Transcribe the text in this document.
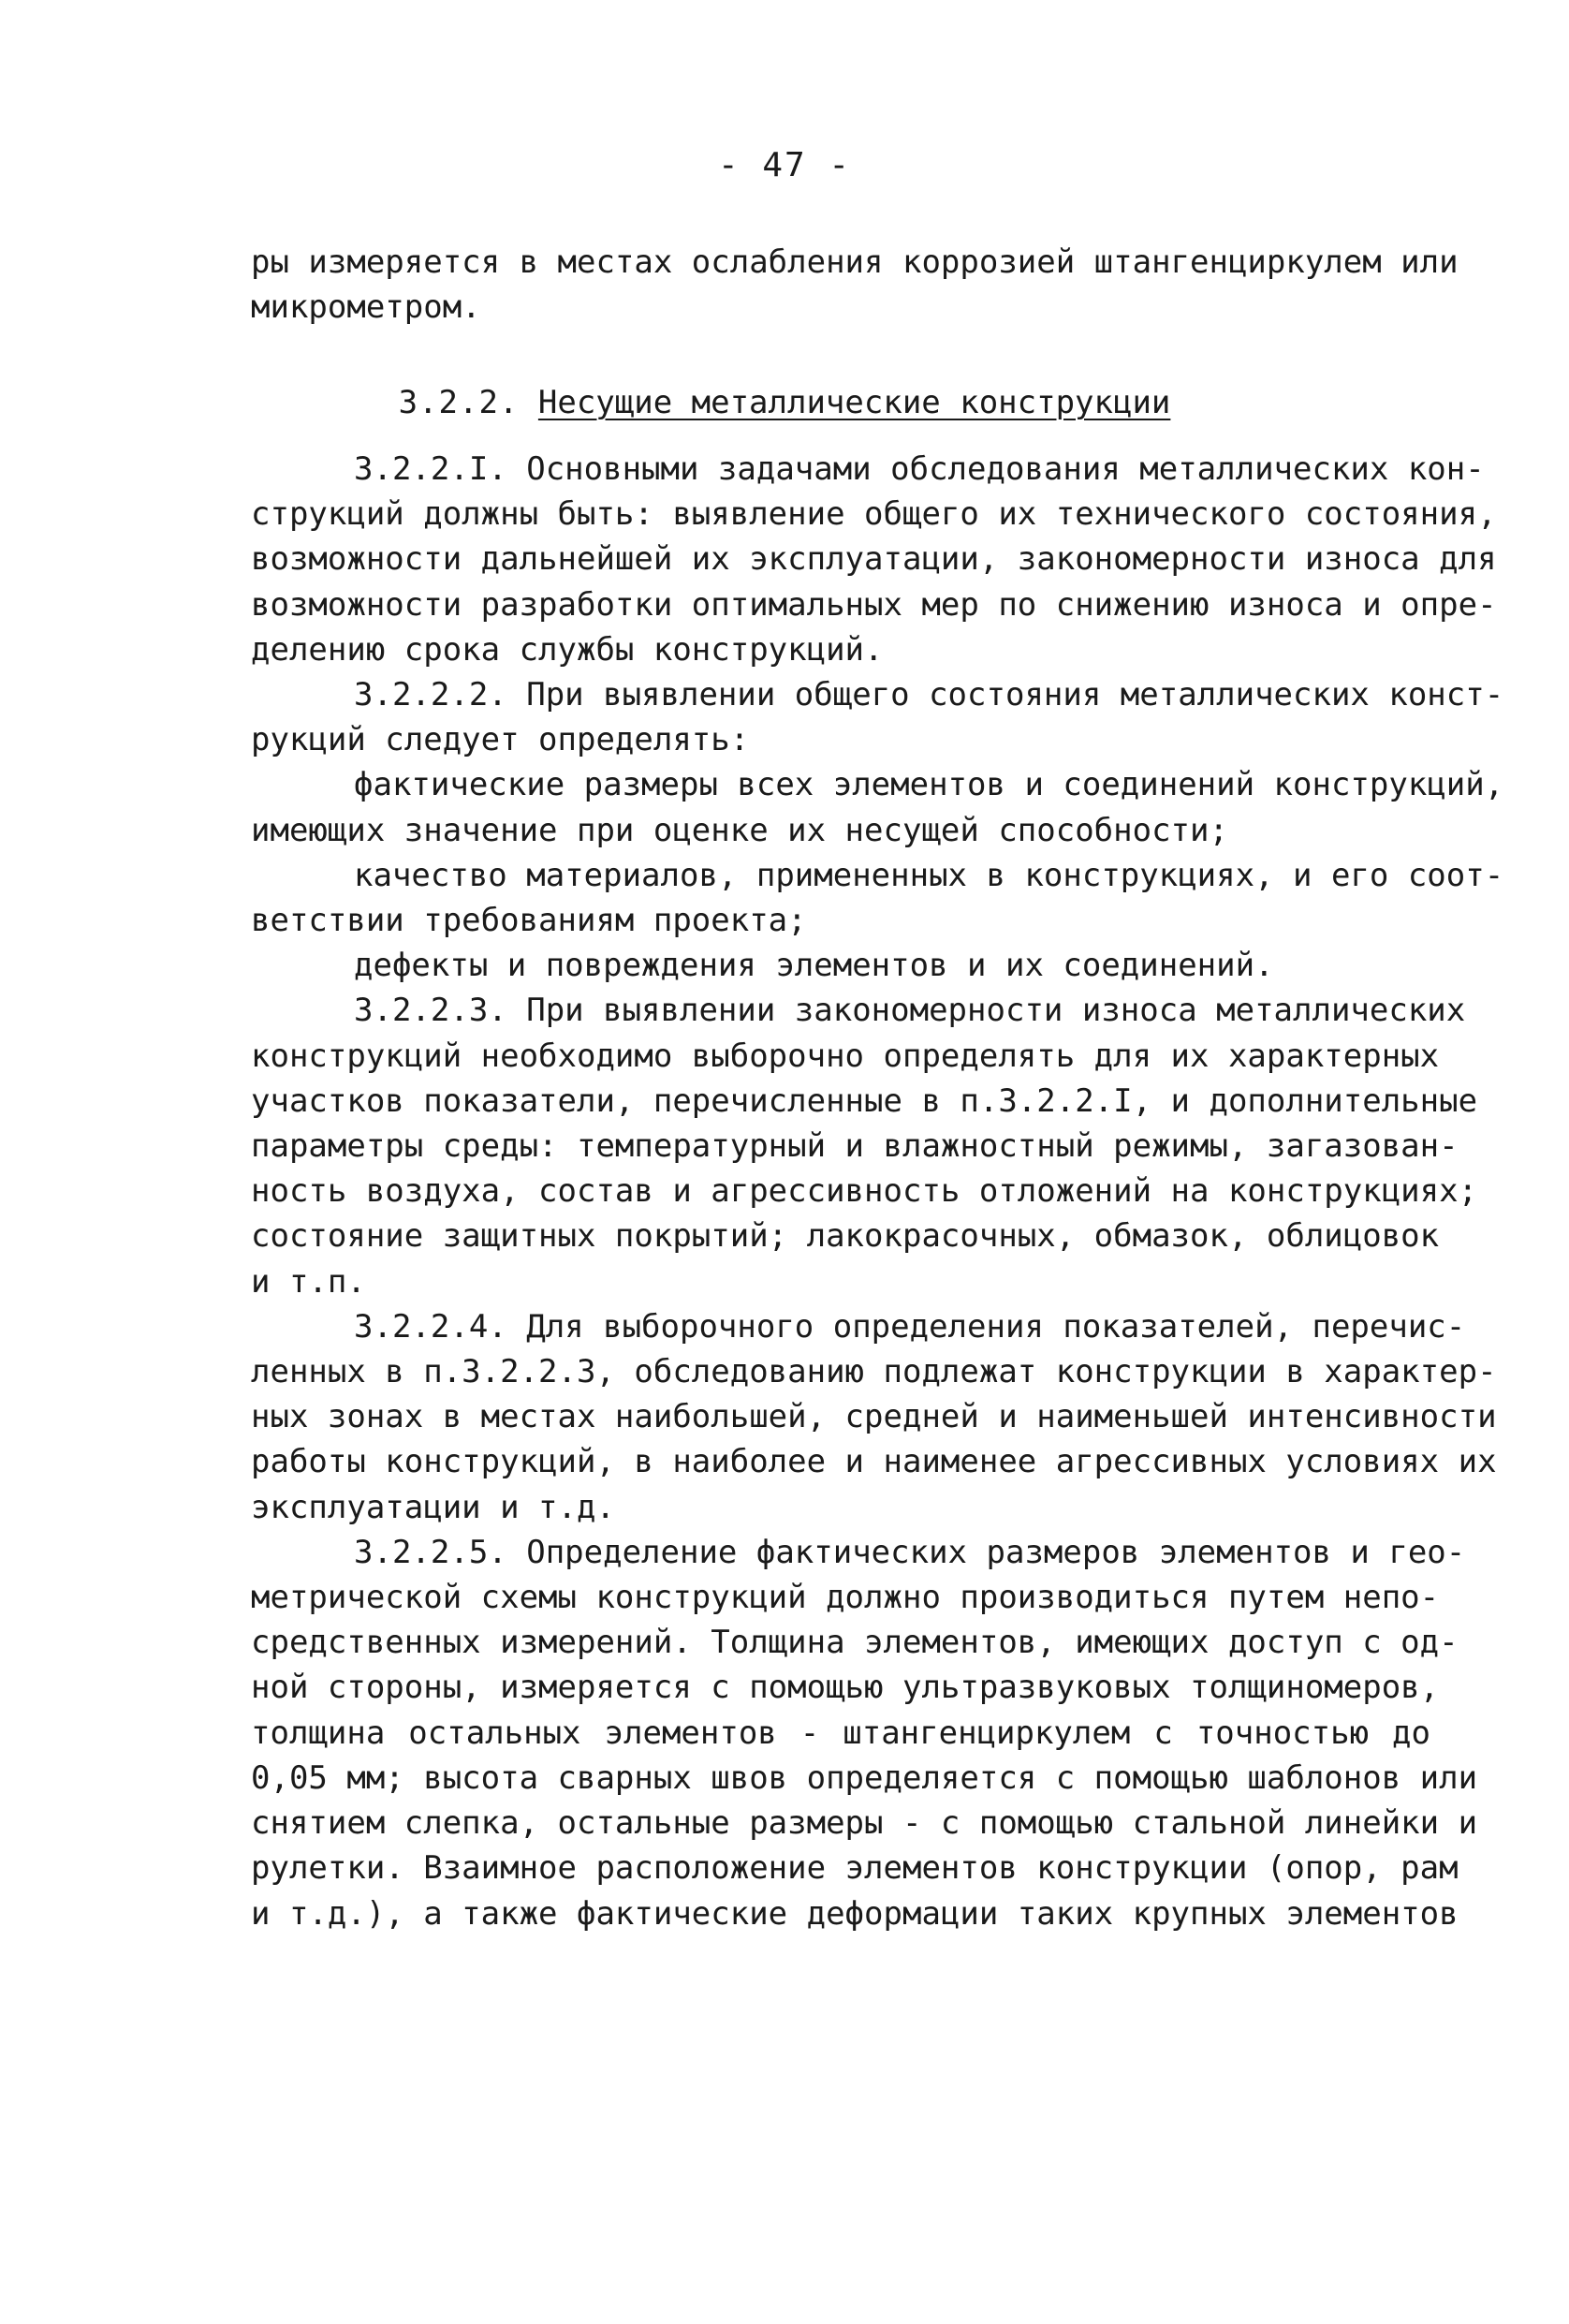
- 47 -
ры измеряется в местах ослабления коррозией штангенциркулем или
микрометром.
3.2.2. Несущие металлические конструкции
3.2.2.I. Основными задачами обследования металлических кон-
струкций должны быть: выявление общего их технического состояния,
возможности дальнейшей их эксплуатации, закономерности износа для
возможности разработки оптимальных мер по снижению износа и опре-
делению срока службы конструкций.
3.2.2.2. При выявлении общего состояния металлических конст-
рукций следует определять:
фактические размеры всех элементов и соединений конструкций,
имеющих значение при оценке их несущей способности;
качество материалов, примененных в конструкциях, и его соот-
ветствии требованиям проекта;
дефекты и повреждения элементов и их соединений.
3.2.2.3. При выявлении закономерности износа металлических
конструкций необходимо выборочно определять для их характерных
участков показатели, перечисленные в п.3.2.2.I, и дополнительные
параметры среды: температурный и влажностный режимы, загазован-
ность воздуха, состав и агрессивность отложений на конструкциях;
состояние защитных покрытий; лакокрасочных, обмазок, облицовок
и т.п.
3.2.2.4. Для выборочного определения показателей, перечис-
ленных в п.3.2.2.3, обследованию подлежат конструкции в характер-
ных зонах в местах наибольшей, средней и наименьшей интенсивности
работы конструкций, в наиболее и наименее агрессивных условиях их
эксплуатации и т.д.
3.2.2.5. Определение фактических размеров элементов и гео-
метрической схемы конструкций должно производиться путем непо-
средственных измерений. Толщина элементов, имеющих доступ с од-
ной стороны, измеряется с помощью ультразвуковых толщиномеров,
толщина остальных элементов - штангенциркулем с точностью до
0,05 мм; высота сварных швов определяется с помощью шаблонов или
снятием слепка, остальные размеры - с помощью стальной линейки и
рулетки. Взаимное расположение элементов конструкции (опор, рам
и т.д.), а также фактические деформации таких крупных элементов
